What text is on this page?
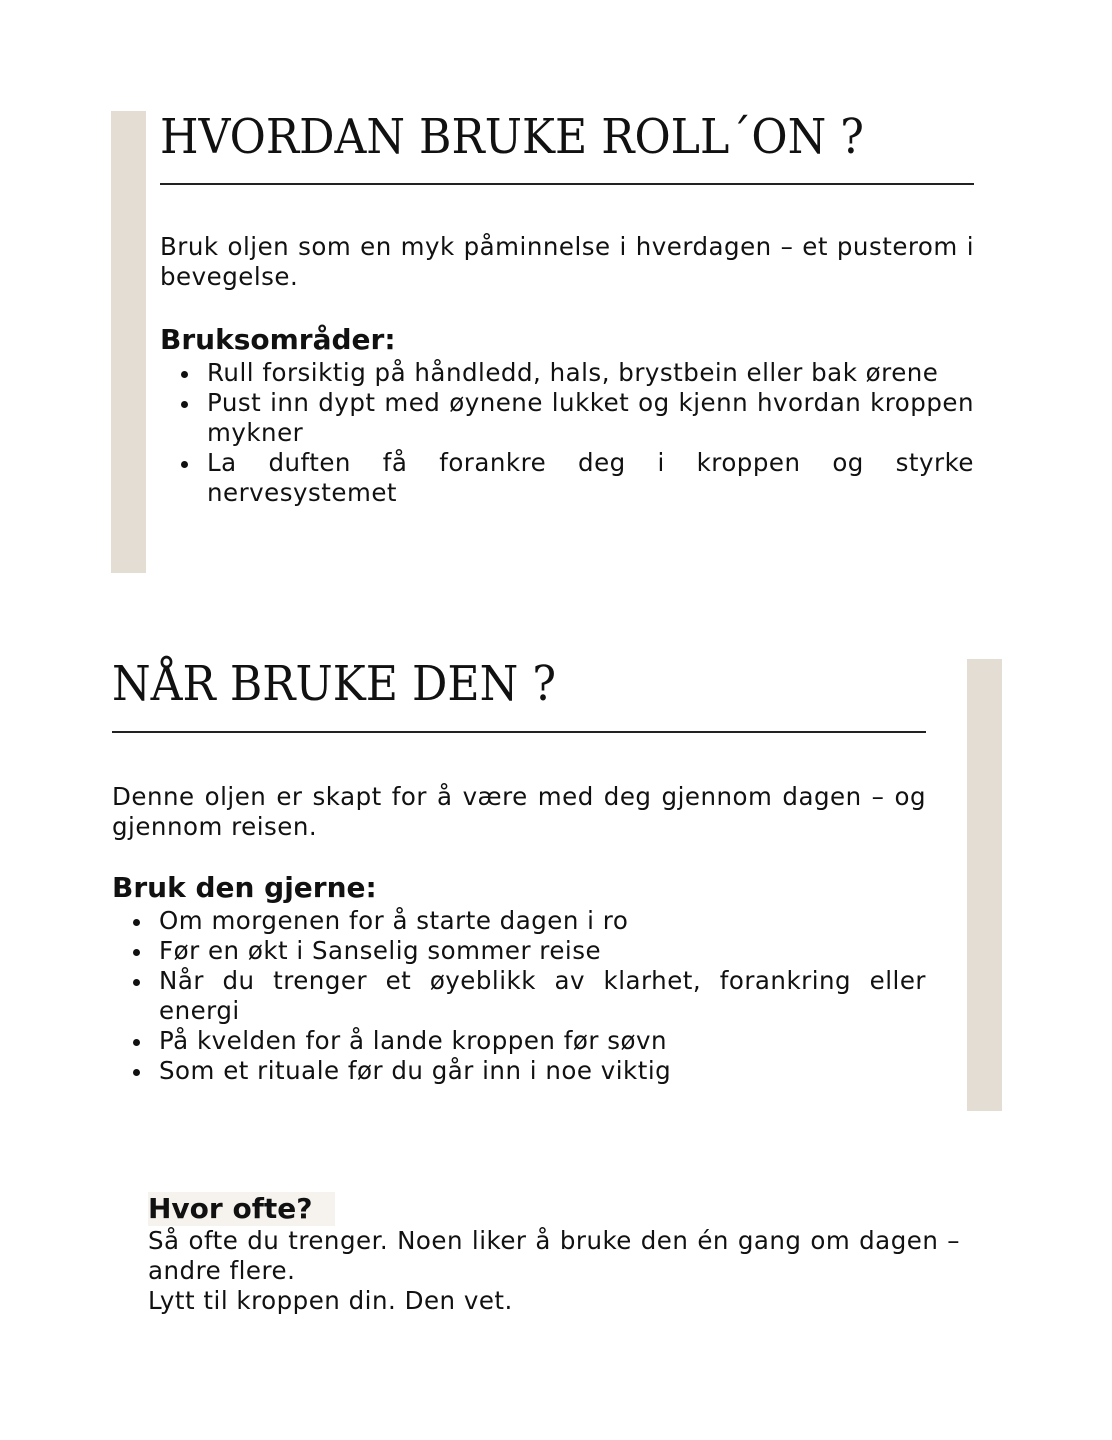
HVORDAN BRUKE ROLL´ON ?

Bruk oljen som en myk påminnelse i hverdagen – et pusterom i bevegelse.

Bruksområder:
Rull forsiktig på håndledd, hals, brystbein eller bak ørene
Pust inn dypt med øynene lukket og kjenn hvordan kroppen mykner
La duften få forankre deg i kroppen og styrke nervesystemet
NÅR BRUKE DEN ?

Denne oljen er skapt for å være med deg gjennom dagen – og gjennom reisen.

Bruk den gjerne:
Om morgenen for å starte dagen i ro
Før en økt i Sanselig sommer reise
Når du trenger et øyeblikk av klarhet, forankring eller energi
På kvelden for å lande kroppen før søvn
Som et rituale før du går inn i noe viktig
Hvor ofte?

Så ofte du trenger. Noen liker å bruke den én gang om dagen – andre flere.

Lytt til kroppen din. Den vet.
